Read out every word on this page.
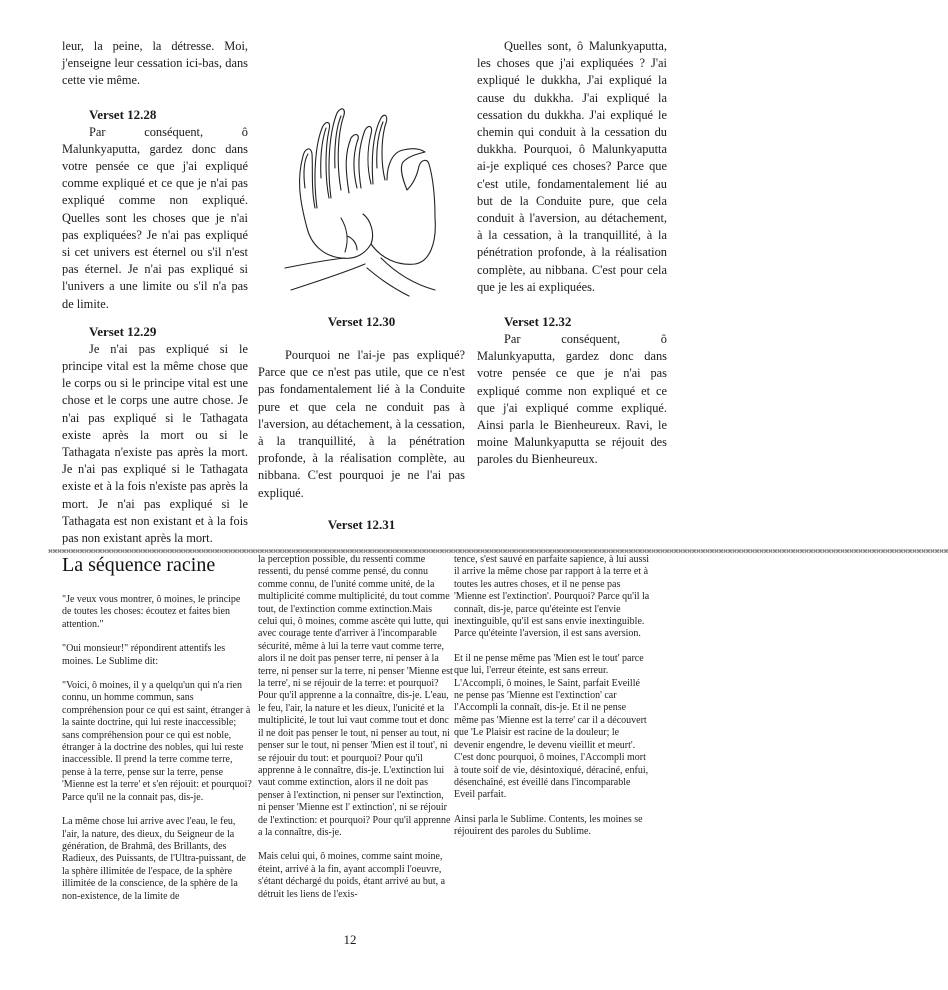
leur, la peine, la détresse. Moi, j'enseigne leur cessation ici-bas, dans cette vie même.

Verset 12.28

Par conséquent, ô Malunkyaputta, gardez donc dans votre pensée ce que j'ai expliqué comme expliqué et ce que je n'ai pas expliqué comme non expliqué. Quelles sont les choses que je n'ai pas expliquées? Je n'ai pas expliqué si cet univers est éternel ou s'il n'est pas éternel. Je n'ai pas expliqué si l'univers a une limite ou s'il n'a pas de limite.

Verset 12.29

Je n'ai pas expliqué si le principe vital est la même chose que le corps ou si le principe vital est une chose et le corps une autre chose. Je n'ai pas expliqué si le Tathagata existe après la mort ou si le Tathagata n'existe pas après la mort. Je n'ai pas expliqué si le Tathagata existe et à la fois n'existe pas après la mort. Je n'ai pas expliqué si le Tathagata est non existant et à la fois pas non existant après la mort.

Verset 12.30

Pourquoi ne l'ai-je pas expliqué? Parce que ce n'est pas utile, que ce n'est pas fondamentalement lié à la Conduite pure et que cela ne conduit pas à l'aversion, au détachement, à la cessation, à la tranquillité, à la pénétration profonde, à la réalisation complète, au nibbana. C'est pourquoi je ne l'ai pas expliqué.

Verset 12.31

Quelles sont, ô Malunkyaputta, les choses que j'ai expliquées ? J'ai expliqué le dukkha, J'ai expliqué la cause du dukkha. J'ai expliqué la cessation du dukkha. J'ai expliqué le chemin qui conduit à la cessation du dukkha. Pourquoi, ô Malunkyaputta ai-je expliqué ces choses? Parce que c'est utile, fondamentalement lié au but de la Conduite pure, que cela conduit à l'aversion, au détachement, à la cessation, à la tranquillité, à la pénétration profonde, à la réalisation complète, au nibbana. C'est pour cela que je les ai expliquées.

Verset 12.32

Par conséquent, ô Malunkyaputta, gardez donc dans votre pensée ce que je n'ai pas expliqué comme non expliqué et ce que j'ai expliqué comme expliqué. Ainsi parla le Bienheureux. Ravi, le moine Malunkyaputta se réjouit des paroles du Bienheureux.

⌘⌘⌘⌘⌘⌘⌘⌘⌘⌘⌘⌘⌘⌘⌘⌘⌘⌘⌘⌘⌘⌘⌘⌘⌘⌘⌘⌘⌘⌘⌘⌘⌘⌘⌘⌘⌘⌘⌘⌘⌘⌘⌘⌘⌘⌘⌘⌘⌘⌘⌘⌘⌘⌘⌘⌘⌘⌘⌘⌘⌘⌘⌘⌘⌘⌘⌘⌘⌘⌘⌘⌘⌘⌘⌘⌘⌘⌘⌘⌘⌘⌘⌘⌘⌘⌘⌘⌘⌘⌘⌘⌘⌘⌘⌘⌘⌘⌘⌘⌘⌘⌘⌘⌘⌘⌘⌘⌘⌘⌘⌘⌘⌘⌘⌘⌘⌘⌘⌘⌘⌘⌘⌘⌘⌘⌘⌘⌘⌘⌘⌘⌘⌘⌘⌘⌘⌘⌘⌘⌘⌘⌘⌘⌘⌘⌘⌘⌘⌘⌘⌘⌘⌘⌘⌘⌘⌘⌘⌘⌘⌘⌘⌘⌘⌘⌘⌘⌘⌘⌘⌘⌘⌘⌘⌘⌘⌘⌘⌘⌘⌘⌘⌘⌘⌘⌘⌘⌘⌘⌘⌘⌘⌘⌘⌘⌘⌘⌘⌘⌘
La séquence racine

"Je veux vous montrer, ô moines, le principe de toutes les choses: écoutez et faites bien attention."

"Oui monsieur!" répondirent attentifs les moines. Le Sublime dit:

"Voici, ô moines, il y a quelqu'un qui n'a rien connu, un homme commun, sans compréhension pour ce qui est saint, étranger à la sainte doctrine, qui lui reste inaccessible; sans compréhension pour ce qui est noble, étranger à la doctrine des nobles, qui lui reste inaccessible. Il prend la terre comme terre, pense à la terre, pense sur la terre, pense 'Mienne est la terre' et s'en réjouit: et pourquoi? Parce qu'il ne la connait pas, dis-je.

La même chose lui arrive avec l'eau, le feu, l'air, la nature, des dieux, du Seigneur de la génération, de Brahmâ, des Brillants, des Radieux, des Puissants, de l'Ultra-puissant, de la sphère illimitée de l'espace, de la sphère illimitée de la conscience, de la sphère de la non-existence, de la limite de

la perception possible, du ressenti comme ressenti, du pensé comme pensé, du connu comme connu, de l'unité comme unité, de la multiplicité comme multiplicité, du tout comme tout, de l'extinction comme extinction.Mais celui qui, ô moines, comme ascète qui lutte, qui avec courage tente d'arriver à l'incomparable sécurité, même à lui la terre vaut comme terre, alors il ne doit pas penser terre, ni penser à la terre, ni penser sur la terre, ni penser 'Mienne est la terre', ni se réjouir de la terre: et pourquoi? Pour qu'il apprenne a la connaître, dis-je. L'eau, le feu, l'air, la nature et les dieux, l'unicité et la multiplicité, le tout lui vaut comme tout et donc il ne doit pas penser le tout, ni penser au tout, ni penser sur le tout, ni penser 'Mien est il tout', ni se réjouir du tout: et pourquoi? Pour qu'il apprenne à le connaître, dis-je. L'extinction lui vaut comme extinction, alors il ne doit pas penser à l'extinction, ni penser sur l'extinction, ni penser 'Mienne est l' extinction', ni se réjouir de l'extinction: et pourquoi? Pour qu'il apprenne a la connaître, dis-je.

Mais celui qui, ô moines, comme saint moine, éteint, arrivé à la fin, ayant accompli l'oeuvre, s'étant déchargé du poids, étant arrivé au but, a détruit les liens de l'exis-

tence, s'est sauvé en parfaite sapience, à lui aussi il arrive la même chose par rapport à la terre et à toutes les autres choses, et il ne pense pas 'Mienne est l'extinction'. Pourquoi? Parce qu'il la connaît, dis-je, parce qu'éteinte est l'envie inextinguible, qu'il est sans envie inextinguible. Parce qu'éteinte l'aversion, il est sans aversion.

Et il ne pense même pas 'Mien est le tout' parce que lui, l'erreur éteinte, est sans erreur. L'Accompli, ô moines, le Saint, parfait Eveillé ne pense pas 'Mienne est l'extinction' car l'Accompli la connaît, dis-je. Et il ne pense même pas 'Mienne est la terre' car il a découvert que 'Le Plaisir est racine de la douleur; le devenir engendre, le devenu vieillit et meurt'. C'est donc pourquoi, ô moines, l'Accompli mort à toute soif de vie, désintoxiqué, déraciné, enfui, désenchaîné, est éveillé dans l'incomparable Eveil parfait.

Ainsi parla le Sublime. Contents, les moines se réjouirent des paroles du Sublime.

12
